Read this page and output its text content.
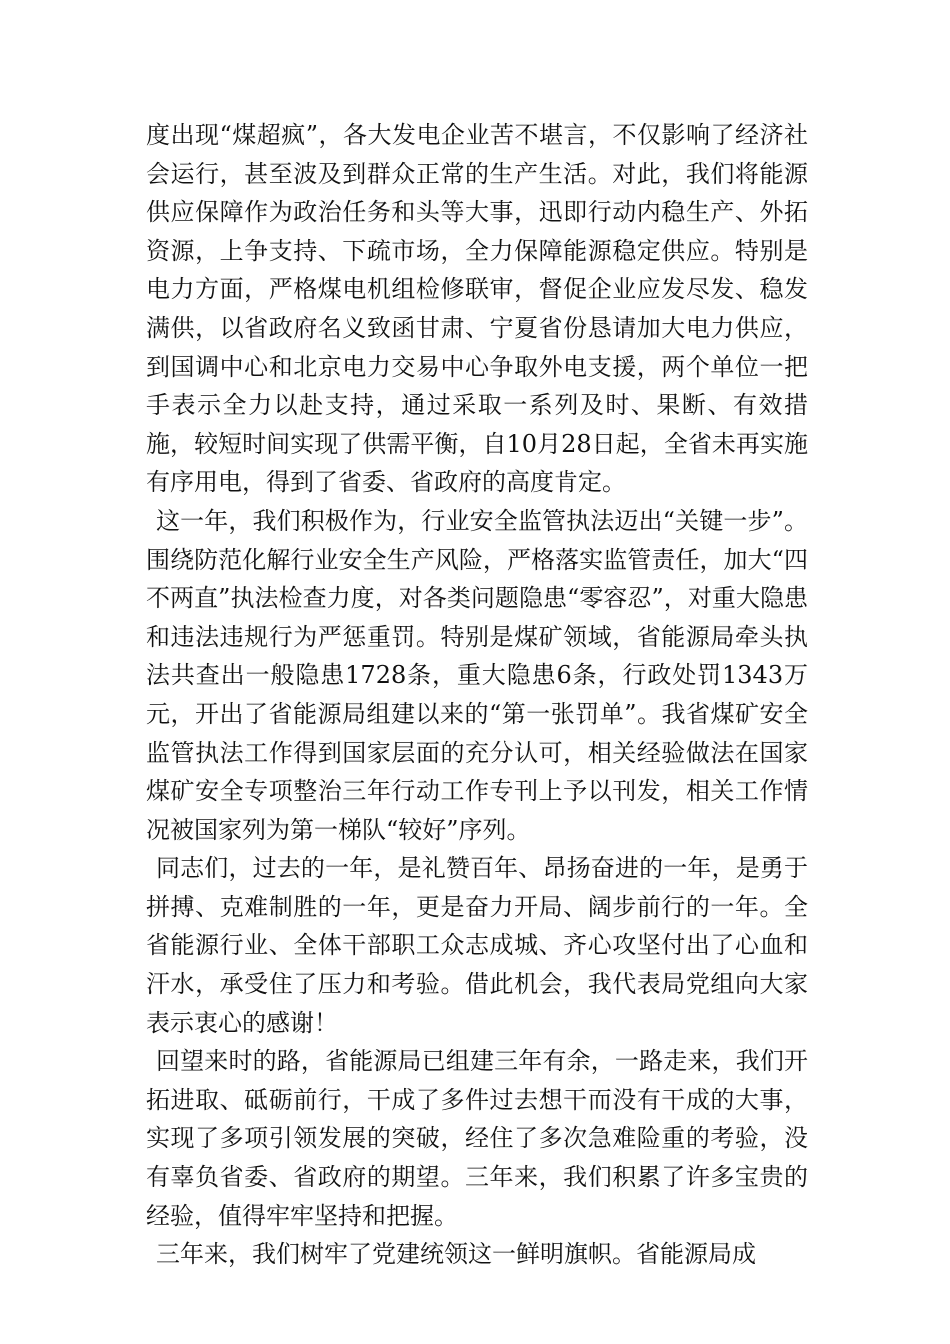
度出现“煤超疯”，各大发电企业苦不堪言，不仅影响了经济社会运行，甚至波及到群众正常的生产生活。对此，我们将能源供应保障作为政治任务和头等大事，迅即行动内稳生产、外拓资源，上争支持、下疏市场，全力保障能源稳定供应。特别是电力方面，严格煤电机组检修联审，督促企业应发尽发、稳发满供，以省政府名义致函甘肃、宁夏省份恳请加大电力供应，到国调中心和北京电力交易中心争取外电支援，两个单位一把手表示全力以赴支持，通过采取一系列及时、果断、有效措施，较短时间实现了供需平衡，自10月28日起，全省未再实施有序用电，得到了省委、省政府的高度肯定。

这一年，我们积极作为，行业安全监管执法迈出“关键一步”。围绕防范化解行业安全生产风险，严格落实监管责任，加大“四不两直”执法检查力度，对各类问题隐患“零容忍”，对重大隐患和违法违规行为严惩重罚。特别是煤矿领域，省能源局牵头执法共查出一般隐患1728条，重大隐患6条，行政处罚1343万元，开出了省能源局组建以来的“第一张罚单”。我省煤矿安全监管执法工作得到国家层面的充分认可，相关经验做法在国家煤矿安全专项整治三年行动工作专刊上予以刊发，相关工作情况被国家列为第一梯队“较好”序列。

同志们，过去的一年，是礼赞百年、昂扬奋进的一年，是勇于拼搏、克难制胜的一年，更是奋力开局、阔步前行的一年。全省能源行业、全体干部职工众志成城、齐心攻坚付出了心血和汗水，承受住了压力和考验。借此机会，我代表局党组向大家表示衷心的感谢！

回望来时的路，省能源局已组建三年有余，一路走来，我们开拓进取、砥砺前行，干成了多件过去想干而没有干成的大事，实现了多项引领发展的突破，经住了多次急难险重的考验，没有辜负省委、省政府的期望。三年来，我们积累了许多宝贵的经验，值得牢牢坚持和把握。

三年来，我们树牢了党建统领这一鲜明旗帜。省能源局成
